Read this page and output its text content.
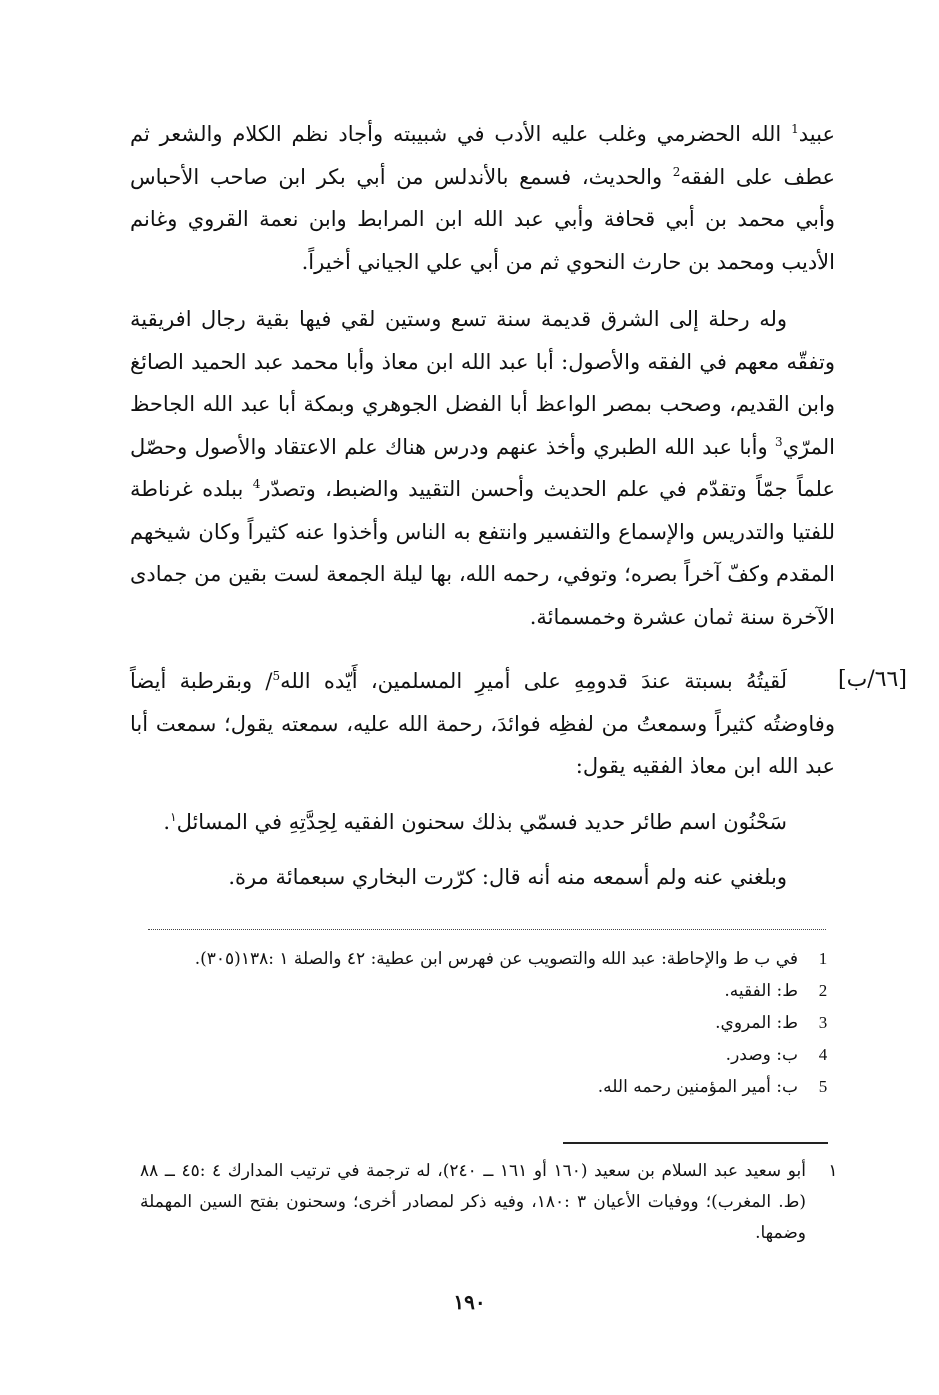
عبيد$^1$ الله الحضرمي وغلب عليه الأدب في شبيبته وأجاد نظم الكلام والشعر ثم عطف على الفقه$^2$ والحديث، فسمع بالأندلس من أبي بكر ابن صاحب الأحباس وأبي محمد بن أبي قحافة وأبي عبد الله ابن المرابط وابن نعمة القروي وغانم الأديب ومحمد بن حارث النحوي ثم من أبي علي الجياني أخيراً.

وله رحلة إلى الشرق قديمة سنة تسع وستين لقي فيها بقية رجال افريقية وتفقّه معهم في الفقه والأصول: أبا عبد الله ابن معاذ وأبا محمد عبد الحميد الصائغ وابن القديم، وصحب بمصر الواعظ أبا الفضل الجوهري وبمكة أبا عبد الله الجاحظ المرّي$^3$ وأبا عبد الله الطبري وأخذ عنهم ودرس هناك علم الاعتقاد والأصول وحصّل علماً جمّاً وتقدّم في علم الحديث وأحسن التقييد والضبط، وتصدّر$^4$ ببلده غرناطة للفتيا والتدريس والإسماع والتفسير وانتفع به الناس وأخذوا عنه كثيراً وكان شيخهم المقدم وكفّ آخراً بصره؛ وتوفي، رحمه الله، بها ليلة الجمعة لست بقين من جمادى الآخرة سنة ثمان عشرة وخمسمائة.

[٦٦/ب]

لَقيتُهُ بسبتة عندَ قدومِهِ على أميرِ المسلمين، أَيّده الله$^5$/ وبقرطبة أيضاً وفاوضتُه كثيراً وسمعتُ من لفظِه فوائدَ، رحمة الله عليه، سمعته يقول؛ سمعت أبا عبد الله ابن معاذ الفقيه يقول:

سَحْنُون اسم طائر حديد فسمّي بذلك سحنون الفقيه لِحِدَّتِهِ في المسائل$^١$.

وبلغني عنه ولم أسمعه منه أنه قال: كرّرت البخاري سبعمائة مرة.

1
في ب ط والإحاطة: عبد الله والتصويب عن فهرس ابن عطية: ٤٢ والصلة ١ :١٣٨(٣٠٥).
2
ط: الفقيه.
3
ط: المروي.
4
ب: وصدر.
5
ب: أمير المؤمنين رحمه الله.
١
أبو سعيد عبد السلام بن سعيد (١٦٠ أو ١٦١ ــ ٢٤٠)، له ترجمة في ترتيب المدارك ٤ :٤٥ ــ ٨٨ (ط. المغرب)؛ ووفيات الأعيان ٣ :١٨٠، وفيه ذكر لمصادر أخرى؛ وسحنون بفتح السين المهملة وضمها.
١٩٠
